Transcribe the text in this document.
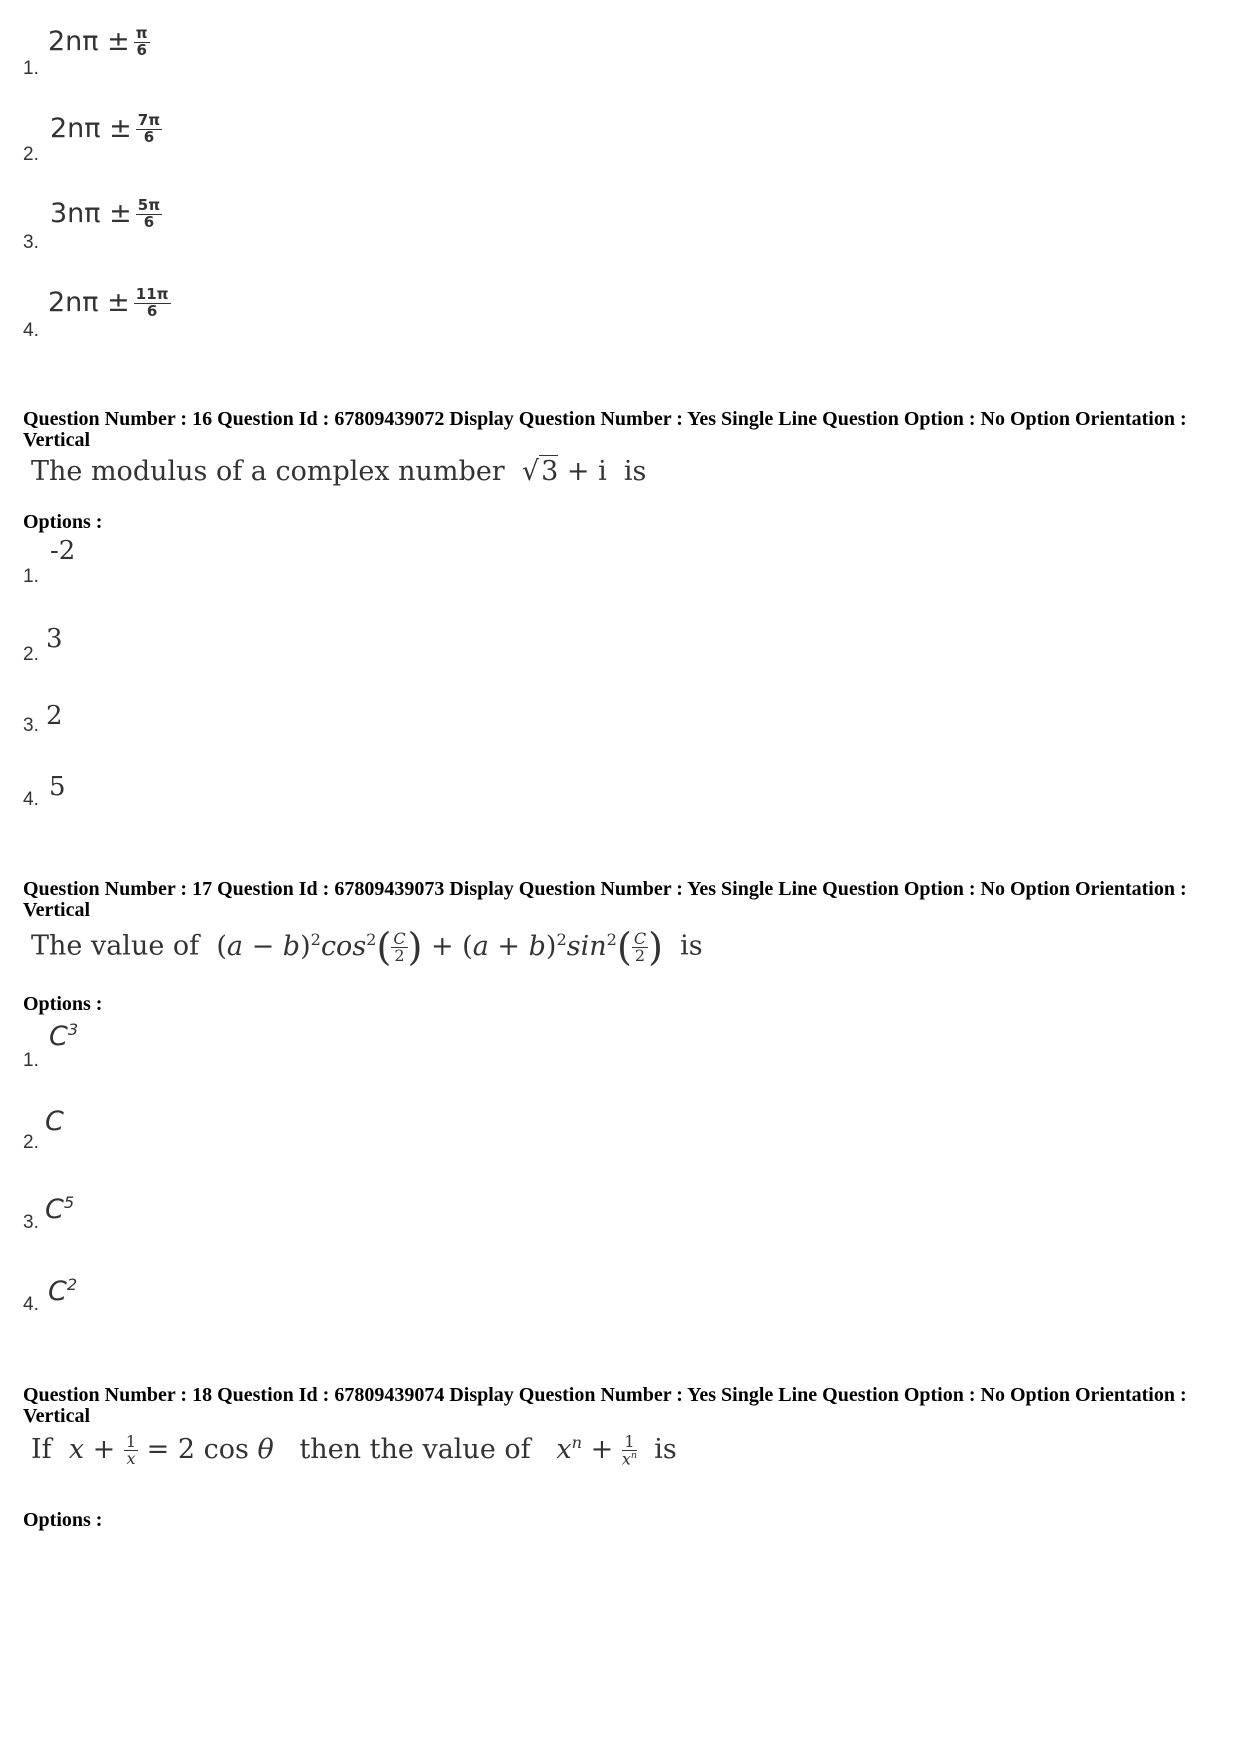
1.
$2n\pi \pm \frac{\pi}{6}$
2.
$2n\pi \pm \frac{7\pi}{6}$
3.
$3n\pi \pm \frac{5\pi}{6}$
4.
$2n\pi \pm \frac{11\pi}{6}$
Question Number : 16 Question Id : 67809439072 Display Question Number : Yes Single Line Question Option : No Option Orientation : Vertical
The modulus of a complex number √3 + i is
Options :
1.
-2
2.
3
3. 2
4. 5
Question Number : 17 Question Id : 67809439073 Display Question Number : Yes Single Line Question Option : No Option Orientation : Vertical
The value of $(a - b)^2\cos^2( \frac{C}{2}$ ) + $(a + b)^2\sin^2( \frac{C}{2}$ ) is
Options :
1.
$C^3$
2.
C
3. $C^5$
4. $C^2$
Question Number : 18 Question Id : 67809439074 Display Question Number : Yes Single Line Question Option : No Option Orientation : Vertical
If $x + \frac{1}{x} = 2$ cos θ then the value of $x^n + \frac{1}{x^n}$ is
Options :
